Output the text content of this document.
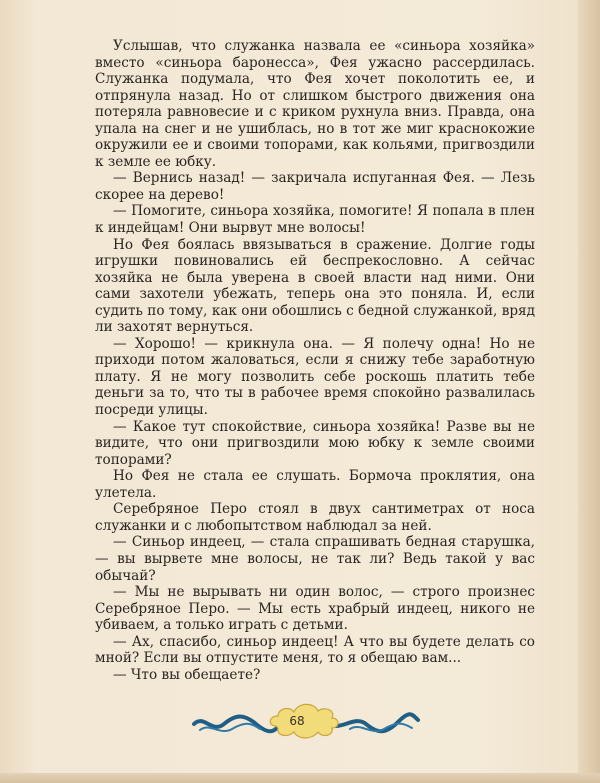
Услышав, что служанка назвала ее «синьора хозяйка» вместо «синьора баронесса», Фея ужасно рассердилась. Служанка подумала, что Фея хочет поколотить ее, и отпрянула назад. Но от слишком быстрого движения она потеряла равновесие и с криком рухнула вниз. Правда, она упала на снег и не ушиблась, но в тот же миг краснокожие окружили ее и своими топорами, как кольями, пригвоздили к земле ее юбку.

— Вернись назад! — закричала испуганная Фея. — Лезь скорее на дерево!

— Помогите, синьора хозяйка, помогите! Я попала в плен к индейцам! Они вырвут мне волосы!

Но Фея боялась ввязываться в сражение. Долгие годы игрушки повиновались ей беспрекословно. А сейчас хозяйка не была уверена в своей власти над ними. Они сами захотели убежать, теперь она это поняла. И, если судить по тому, как они обошлись с бедной служанкой, вряд ли захотят вернуться.

— Хорошо! — крикнула она. — Я полечу одна! Но не приходи потом жаловаться, если я снижу тебе заработную плату. Я не могу позволить себе роскошь платить тебе деньги за то, что ты в рабочее время спокойно развалилась посреди улицы.

— Какое тут спокойствие, синьора хозяйка! Разве вы не видите, что они пригвоздили мою юбку к земле своими топорами?

Но Фея не стала ее слушать. Бормоча проклятия, она улетела.

Серебряное Перо стоял в двух сантиметрах от носа служанки и с любопытством наблюдал за ней.

— Синьор индеец, — стала спрашивать бедная старушка, — вы вырвете мне волосы, не так ли? Ведь такой у вас обычай?

— Мы не вырывать ни один волос, — строго произнес Серебряное Перо. — Мы есть храбрый индеец, никого не убиваем, а только играть с детьми.

— Ах, спасибо, синьор индеец! А что вы будете делать со мной? Если вы отпустите меня, то я обещаю вам...

— Что вы обещаете?

68
